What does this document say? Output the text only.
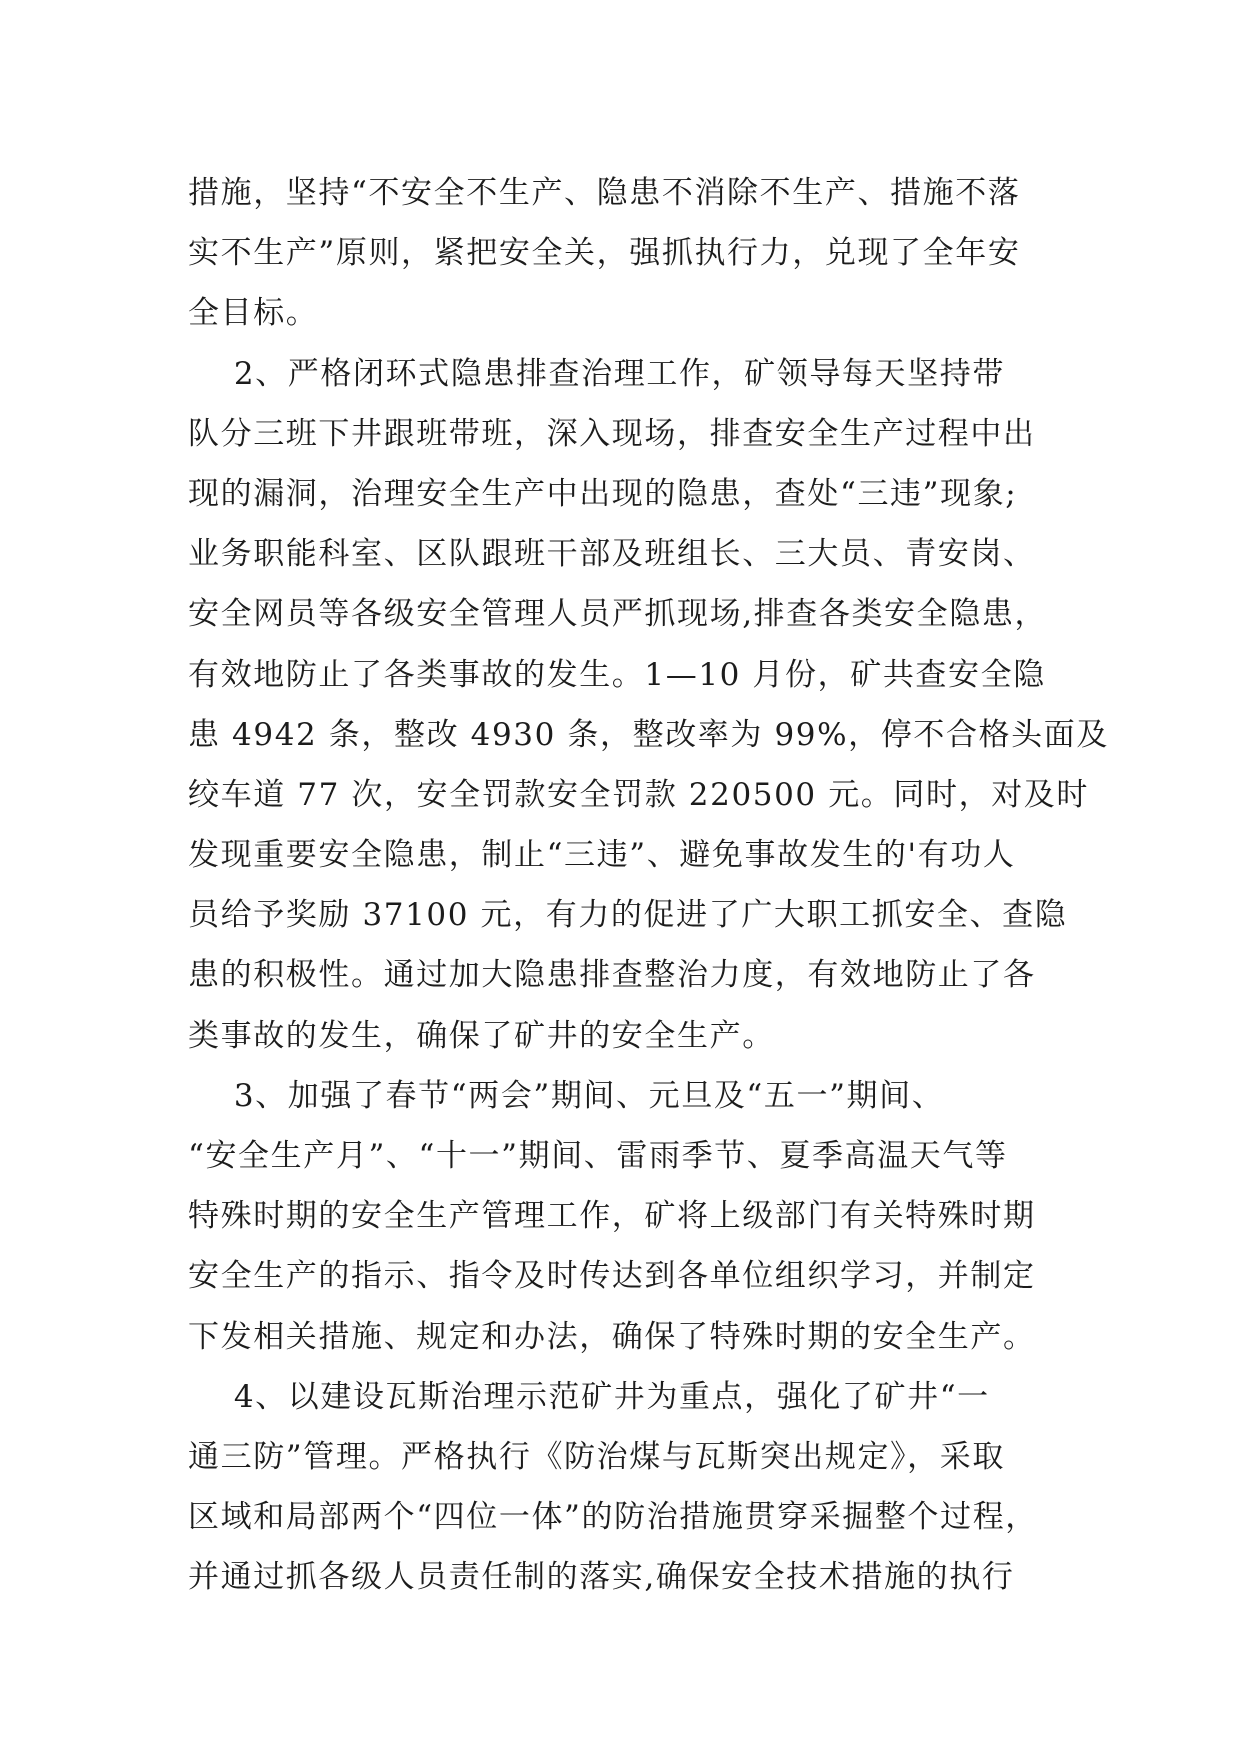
措施，坚持“不安全不生产、隐患不消除不生产、措施不落
实不生产”原则，紧把安全关，强抓执行力，兑现了全年安
全目标。
2、严格闭环式隐患排查治理工作，矿领导每天坚持带
队分三班下井跟班带班，深入现场，排查安全生产过程中出
现的漏洞，治理安全生产中出现的隐患，查处“三违”现象;
业务职能科室、区队跟班干部及班组长、三大员、青安岗、
安全网员等各级安全管理人员严抓现场,排查各类安全隐患，
有效地防止了各类事故的发生。1—10 月份，矿共查安全隐
患 4942 条，整改 4930 条，整改率为 99%，停不合格头面及
绞车道 77 次，安全罚款安全罚款 220500 元。同时，对及时
发现重要安全隐患，制止“三违”、避免事故发生的'有功人
员给予奖励 37100 元，有力的促进了广大职工抓安全、查隐
患的积极性。通过加大隐患排查整治力度，有效地防止了各
类事故的发生，确保了矿井的安全生产。
3、加强了春节“两会”期间、元旦及“五一”期间、
“安全生产月”、“十一”期间、雷雨季节、夏季高温天气等
特殊时期的安全生产管理工作，矿将上级部门有关特殊时期
安全生产的指示、指令及时传达到各单位组织学习，并制定
下发相关措施、规定和办法，确保了特殊时期的安全生产。
4、以建设瓦斯治理示范矿井为重点，强化了矿井“一
通三防”管理。严格执行《防治煤与瓦斯突出规定》，采取
区域和局部两个“四位一体”的防治措施贯穿采掘整个过程，
并通过抓各级人员责任制的落实,确保安全技术措施的执行
